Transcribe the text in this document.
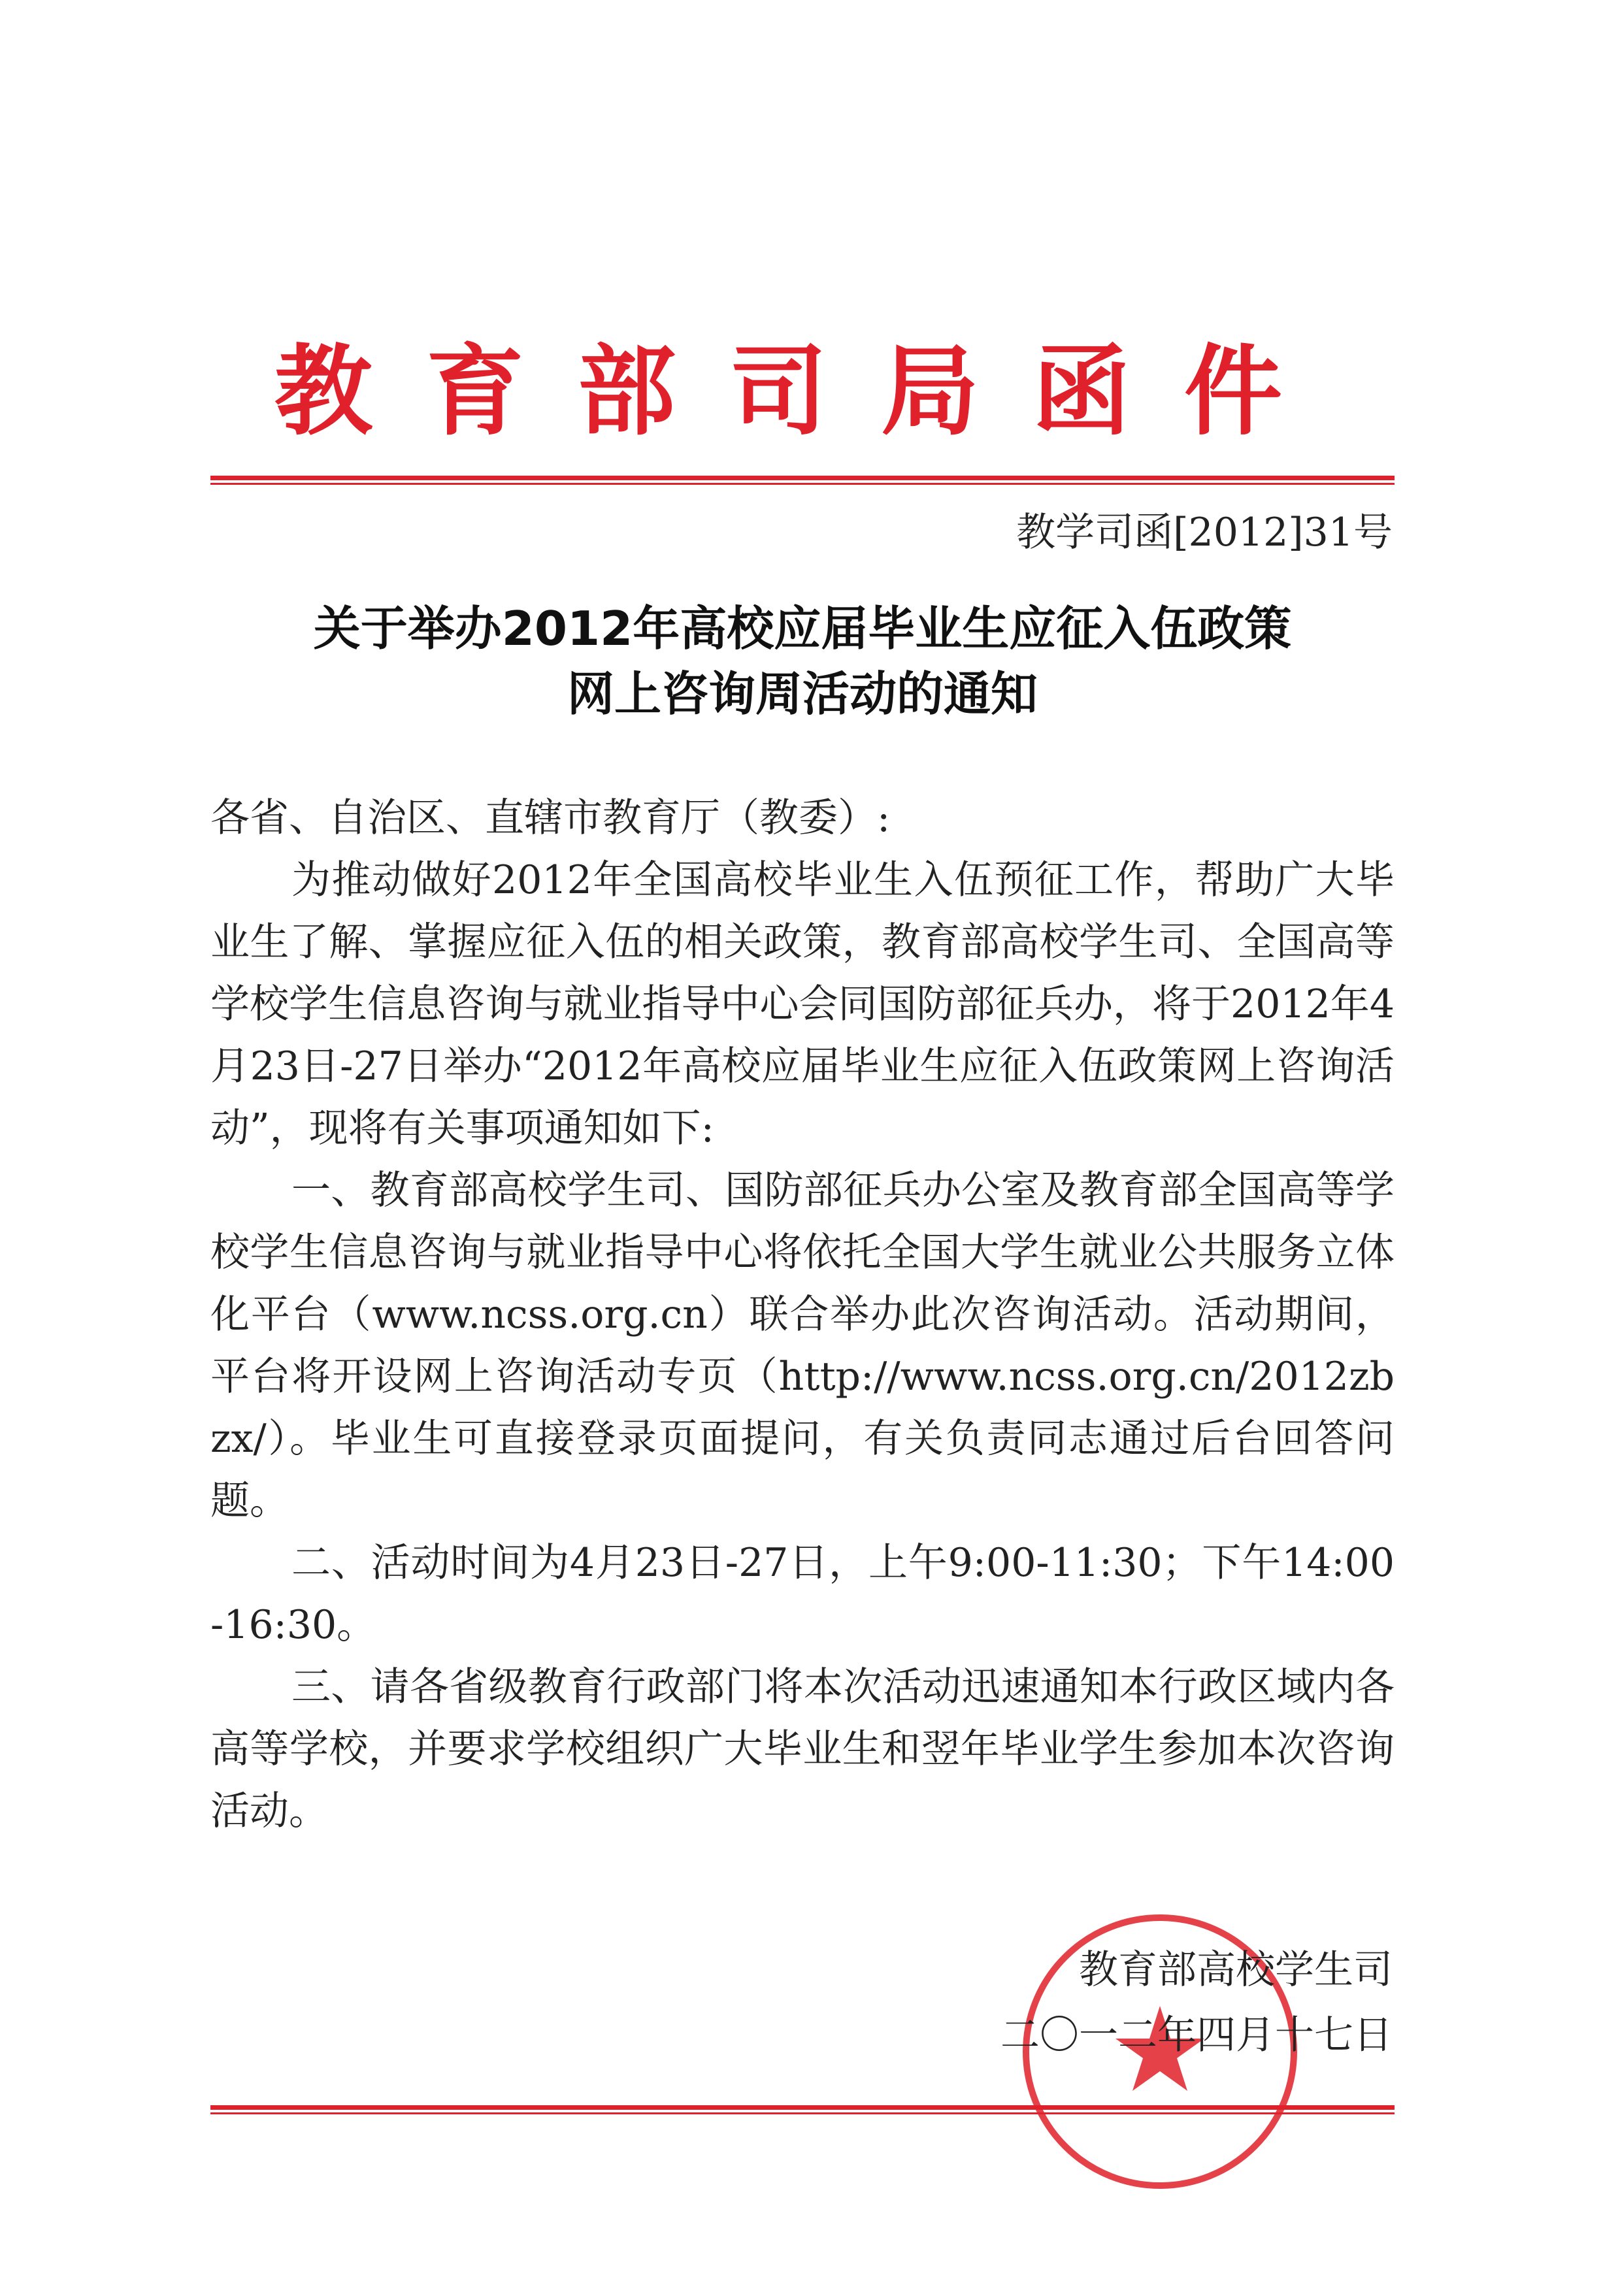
教育部司局函件
教学司函[2012]31号
关于举办2012年高校应届毕业生应征入伍政策
网上咨询周活动的通知
各省、自治区、直辖市教育厅（教委）:

为推动做好2012年全国高校毕业生入伍预征工作，帮助广大毕业生了解、掌握应征入伍的相关政策，教育部高校学生司、全国高等学校学生信息咨询与就业指导中心会同国防部征兵办，将于2012年4月23日-27日举办“2012年高校应届毕业生应征入伍政策网上咨询活动”，现将有关事项通知如下:

一、教育部高校学生司、国防部征兵办公室及教育部全国高等学校学生信息咨询与就业指导中心将依托全国大学生就业公共服务立体化平台（www.ncss.org.cn）联合举办此次咨询活动。活动期间，平台将开设网上咨询活动专页（http://www.ncss.org.cn/2012zbzx/）。毕业生可直接登录页面提问，有关负责同志通过后台回答问题。

二、活动时间为4月23日-27日，上午9:00-11:30；下午14:00-16:30。

三、请各省级教育行政部门将本次活动迅速通知本行政区域内各高等学校，并要求学校组织广大毕业生和翌年毕业学生参加本次咨询活动。

教育部高校学生司
二〇一二年四月十七日
